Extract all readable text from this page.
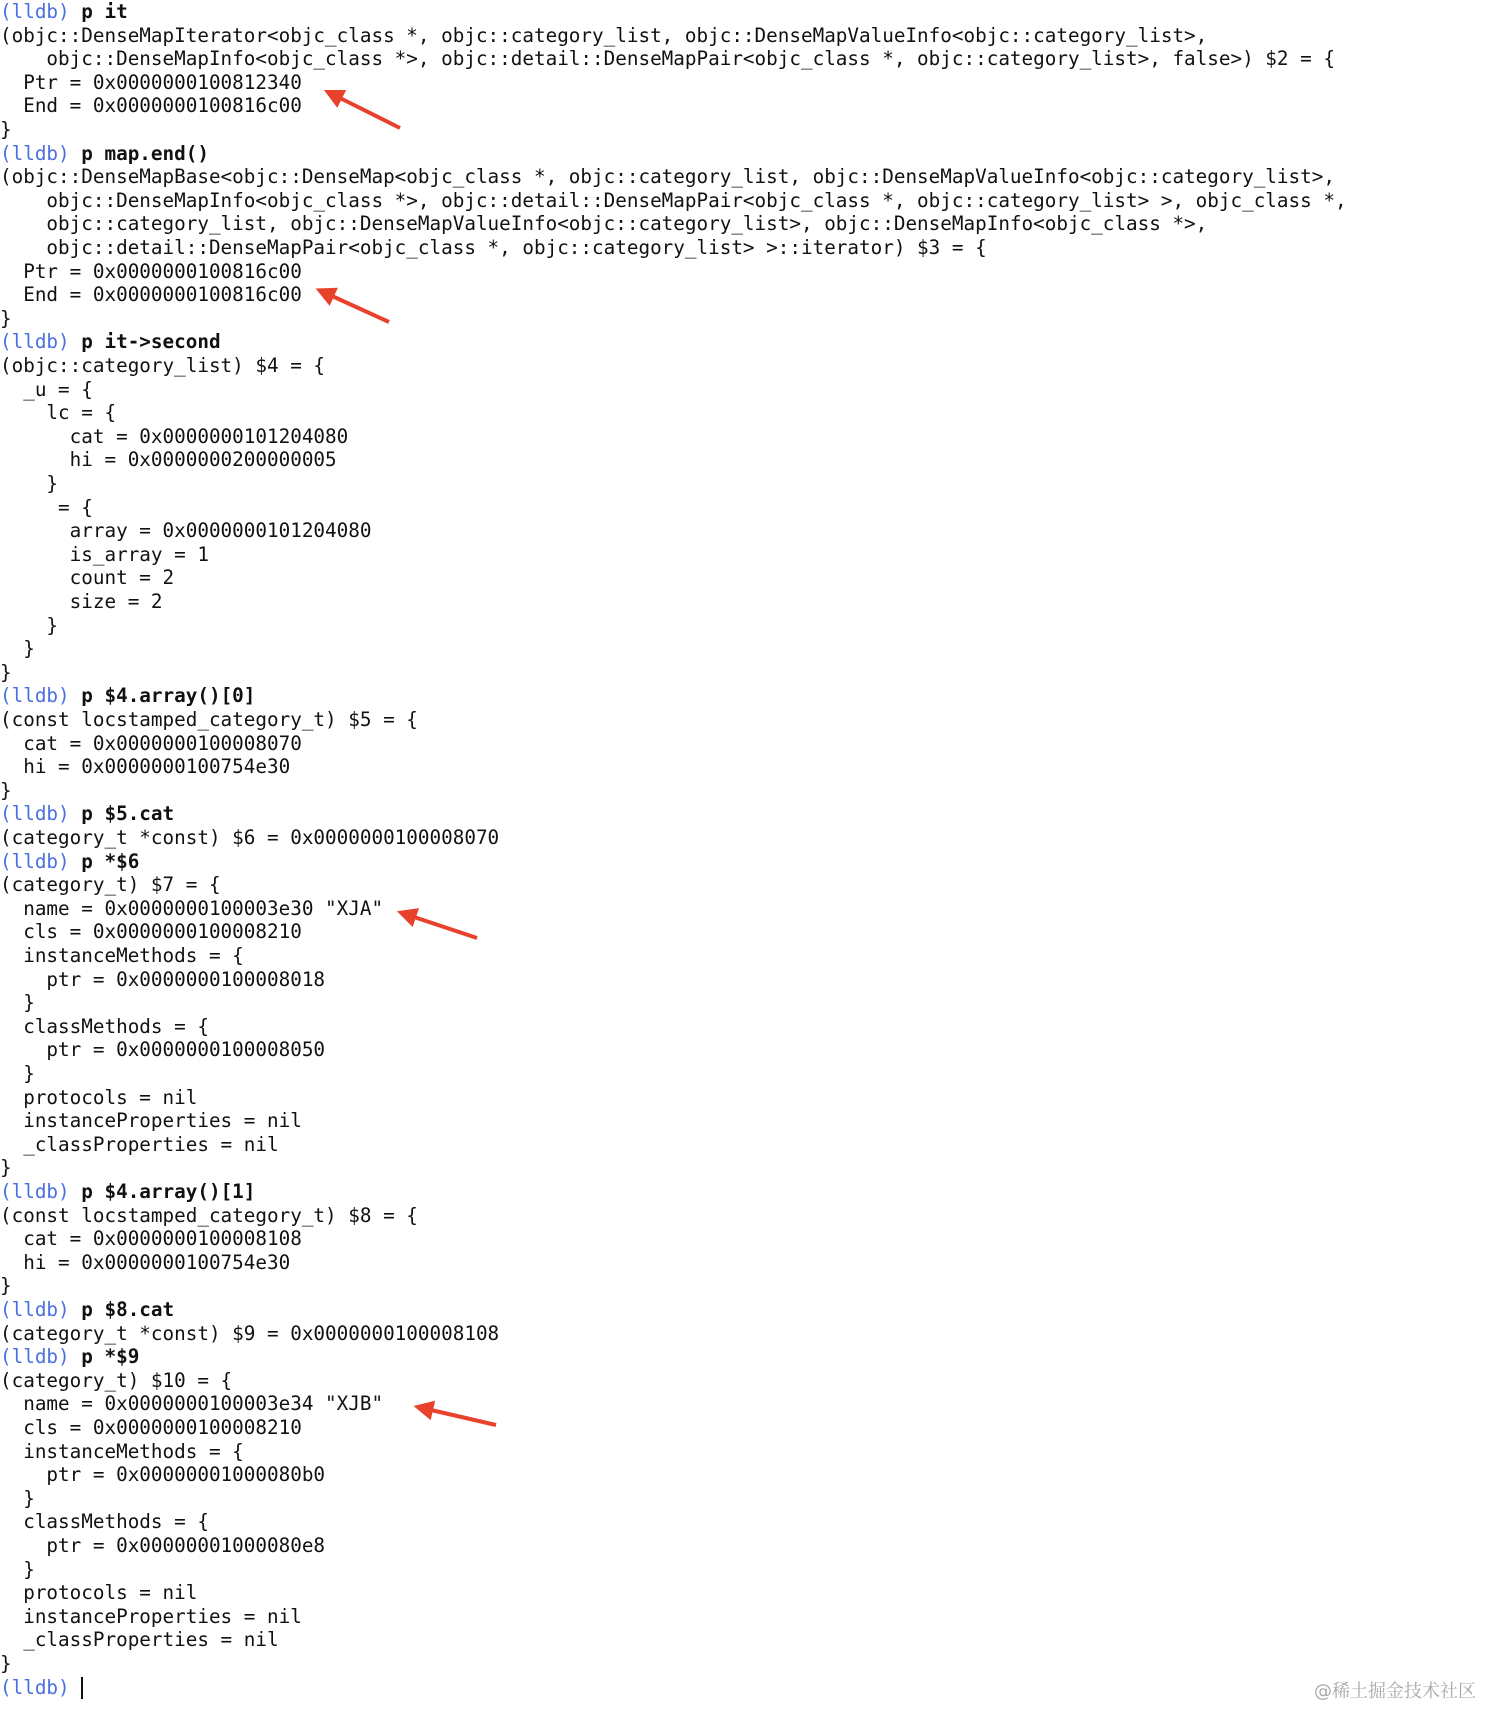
(lldb) p it
(objc::DenseMapIterator<objc_class *, objc::category_list, objc::DenseMapValueInfo<objc::category_list>,
objc::DenseMapInfo<objc_class *>, objc::detail::DenseMapPair<objc_class *, objc::category_list>, false>) $2 = {
Ptr = 0x0000000100812340
End = 0x0000000100816c00
}
(lldb) p map.end()
(objc::DenseMapBase<objc::DenseMap<objc_class *, objc::category_list, objc::DenseMapValueInfo<objc::category_list>,
objc::DenseMapInfo<objc_class *>, objc::detail::DenseMapPair<objc_class *, objc::category_list> >, objc_class *,
objc::category_list, objc::DenseMapValueInfo<objc::category_list>, objc::DenseMapInfo<objc_class *>,
objc::detail::DenseMapPair<objc_class *, objc::category_list> >::iterator) $3 = {
Ptr = 0x0000000100816c00
End = 0x0000000100816c00
}
(lldb) p it->second
(objc::category_list) $4 = {
_u = {
lc = {
cat = 0x0000000101204080
hi = 0x0000000200000005
}
= {
array = 0x0000000101204080
is_array = 1
count = 2
size = 2
}
}
}
(lldb) p $4.array()[0]
(const locstamped_category_t) $5 = {
cat = 0x0000000100008070
hi = 0x0000000100754e30
}
(lldb) p $5.cat
(category_t *const) $6 = 0x0000000100008070
(lldb) p *$6
(category_t) $7 = {
name = 0x0000000100003e30 "XJA"
cls = 0x0000000100008210
instanceMethods = {
ptr = 0x0000000100008018
}
classMethods = {
ptr = 0x0000000100008050
}
protocols = nil
instanceProperties = nil
_classProperties = nil
}
(lldb) p $4.array()[1]
(const locstamped_category_t) $8 = {
cat = 0x0000000100008108
hi = 0x0000000100754e30
}
(lldb) p $8.cat
(category_t *const) $9 = 0x0000000100008108
(lldb) p *$9
(category_t) $10 = {
name = 0x0000000100003e34 "XJB"
cls = 0x0000000100008210
instanceMethods = {
ptr = 0x00000001000080b0
}
classMethods = {
ptr = 0x00000001000080e8
}
protocols = nil
instanceProperties = nil
_classProperties = nil
}
(lldb)	@稀土掘金技术社区
